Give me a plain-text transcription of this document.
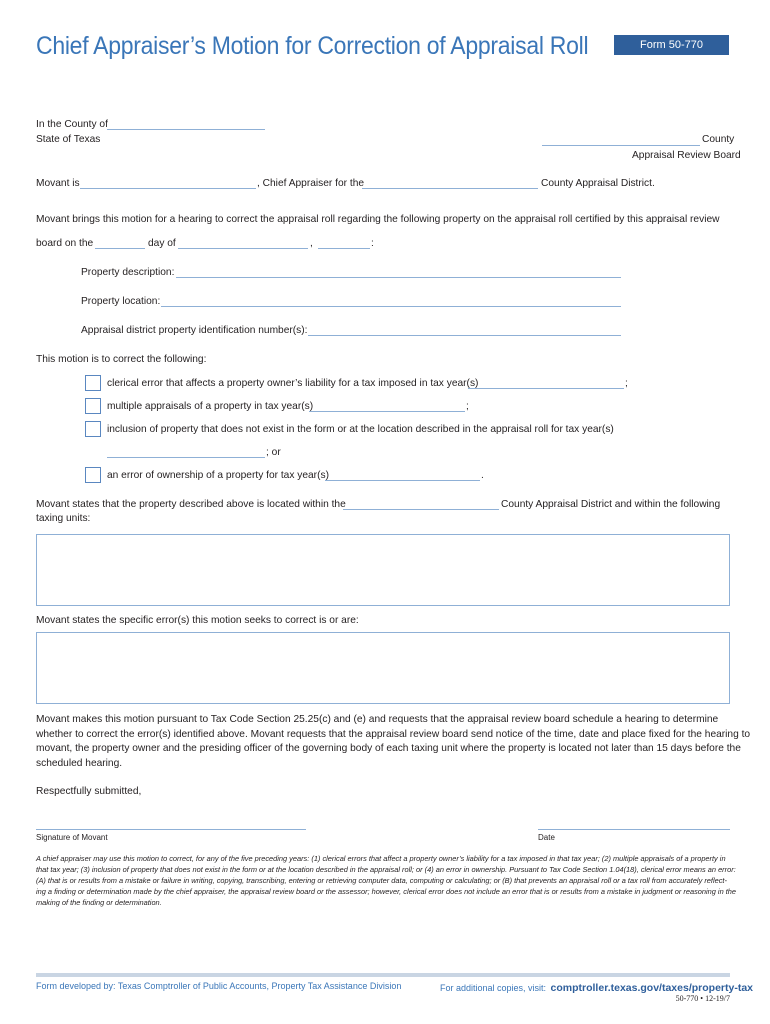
Chief Appraiser’s Motion for Correction of Appraisal Roll	Form 50-770
In the County of
State of Texas	County
Appraisal Review Board
Movant is	, Chief Appraiser for the	County Appraisal District.
Movant brings this motion for a hearing to correct the appraisal roll regarding the following property on the appraisal roll certified by this appraisal review
board on the	day of	,	:
Property description:
Property location:
Appraisal district property identification number(s):
This motion is to correct the following:
clerical error that affects a property owner’s liability for a tax imposed in tax year(s)	;
multiple appraisals of a property in tax year(s)	;
inclusion of property that does not exist in the form or at the location described in the appraisal roll for tax year(s)
; or
an error of ownership of a property for tax year(s)	.
Movant states that the property described above is located within the	County Appraisal District and within the following
taxing units:
Movant states the specific error(s) this motion seeks to correct is or are:
Movant makes this motion pursuant to Tax Code Section 25.25(c) and (e) and requests that the appraisal review board schedule a hearing to determine
whether to correct the error(s) identified above. Movant requests that the appraisal review board send notice of the time, date and place fixed for the hearing to
movant, the property owner and the presiding officer of the governing body of each taxing unit where the property is located not later than 15 days before the
scheduled hearing.
Respectfully submitted,
Signature of Movant	Date
A chief appraiser may use this motion to correct, for any of the five preceding years: (1) clerical errors that affect a property owner’s liability for a tax imposed in that tax year; (2) multiple appraisals of a property in
that tax year; (3) inclusion of property that does not exist in the form or at the location described in the appraisal roll; or (4) an error in ownership. Pursuant to Tax Code Section 1.04(18), clerical error means an error:
(A) that is or results from a mistake or failure in writing, copying, transcribing, entering or retrieving computer data, computing or calculating; or (B) that prevents an appraisal roll or a tax roll from accurately reflect-
ing a finding or determination made by the chief appraiser, the appraisal review board or the assessor; however, clerical error does not include an error that is or results from a mistake in judgment or reasoning in the
making of the finding or determination.
Form developed by: Texas Comptroller of Public Accounts, Property Tax Assistance Division	For additional copies, visit: comptroller.texas.gov/taxes/property-tax
50-770 • 12-19/7
